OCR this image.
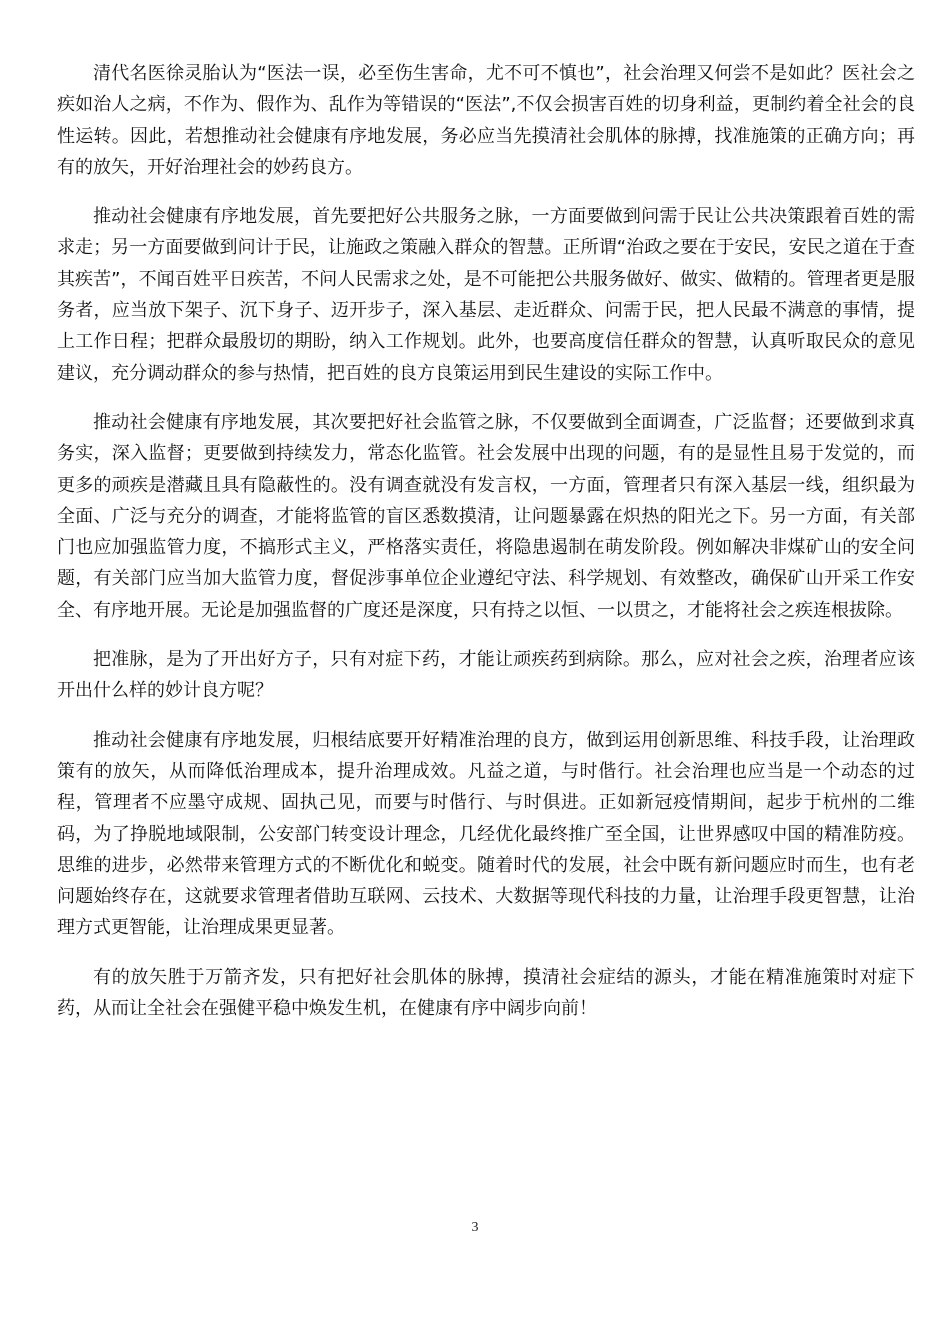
清代名医徐灵胎认为“医法一误，必至伤生害命，尤不可不慎也”，社会治理又何尝不是如此？医社会之疾如治人之病，不作为、假作为、乱作为等错误的“医法”,不仅会损害百姓的切身利益，更制约着全社会的良性运转。因此，若想推动社会健康有序地发展，务必应当先摸清社会肌体的脉搏，找准施策的正确方向；再有的放矢，开好治理社会的妙药良方。

推动社会健康有序地发展，首先要把好公共服务之脉，一方面要做到问需于民让公共决策跟着百姓的需求走；另一方面要做到问计于民，让施政之策融入群众的智慧。正所谓“治政之要在于安民，安民之道在于查其疾苦”，不闻百姓平日疾苦，不问人民需求之处，是不可能把公共服务做好、做实、做精的。管理者更是服务者，应当放下架子、沉下身子、迈开步子，深入基层、走近群众、问需于民，把人民最不满意的事情，提上工作日程；把群众最殷切的期盼，纳入工作规划。此外，也要高度信任群众的智慧，认真听取民众的意见建议，充分调动群众的参与热情，把百姓的良方良策运用到民生建设的实际工作中。

推动社会健康有序地发展，其次要把好社会监管之脉，不仅要做到全面调查，广泛监督；还要做到求真务实，深入监督；更要做到持续发力，常态化监管。社会发展中出现的问题，有的是显性且易于发觉的，而更多的顽疾是潜藏且具有隐蔽性的。没有调查就没有发言权，一方面，管理者只有深入基层一线，组织最为全面、广泛与充分的调查，才能将监管的盲区悉数摸清，让问题暴露在炽热的阳光之下。另一方面，有关部门也应加强监管力度，不搞形式主义，严格落实责任，将隐患遏制在萌发阶段。例如解决非煤矿山的安全问题，有关部门应当加大监管力度，督促涉事单位企业遵纪守法、科学规划、有效整改，确保矿山开采工作安全、有序地开展。无论是加强监督的广度还是深度，只有持之以恒、一以贯之，才能将社会之疾连根拔除。

把准脉，是为了开出好方子，只有对症下药，才能让顽疾药到病除。那么，应对社会之疾，治理者应该开出什么样的妙计良方呢？

推动社会健康有序地发展，归根结底要开好精准治理的良方，做到运用创新思维、科技手段，让治理政策有的放矢，从而降低治理成本，提升治理成效。凡益之道，与时偕行。社会治理也应当是一个动态的过程，管理者不应墨守成规、固执己见，而要与时偕行、与时俱进。正如新冠疫情期间，起步于杭州的二维码，为了挣脱地域限制，公安部门转变设计理念，几经优化最终推广至全国，让世界感叹中国的精准防疫。思维的进步，必然带来管理方式的不断优化和蜕变。随着时代的发展，社会中既有新问题应时而生，也有老问题始终存在，这就要求管理者借助互联网、云技术、大数据等现代科技的力量，让治理手段更智慧，让治理方式更智能，让治理成果更显著。

有的放矢胜于万箭齐发，只有把好社会肌体的脉搏，摸清社会症结的源头，才能在精准施策时对症下药，从而让全社会在强健平稳中焕发生机，在健康有序中阔步向前！

3
